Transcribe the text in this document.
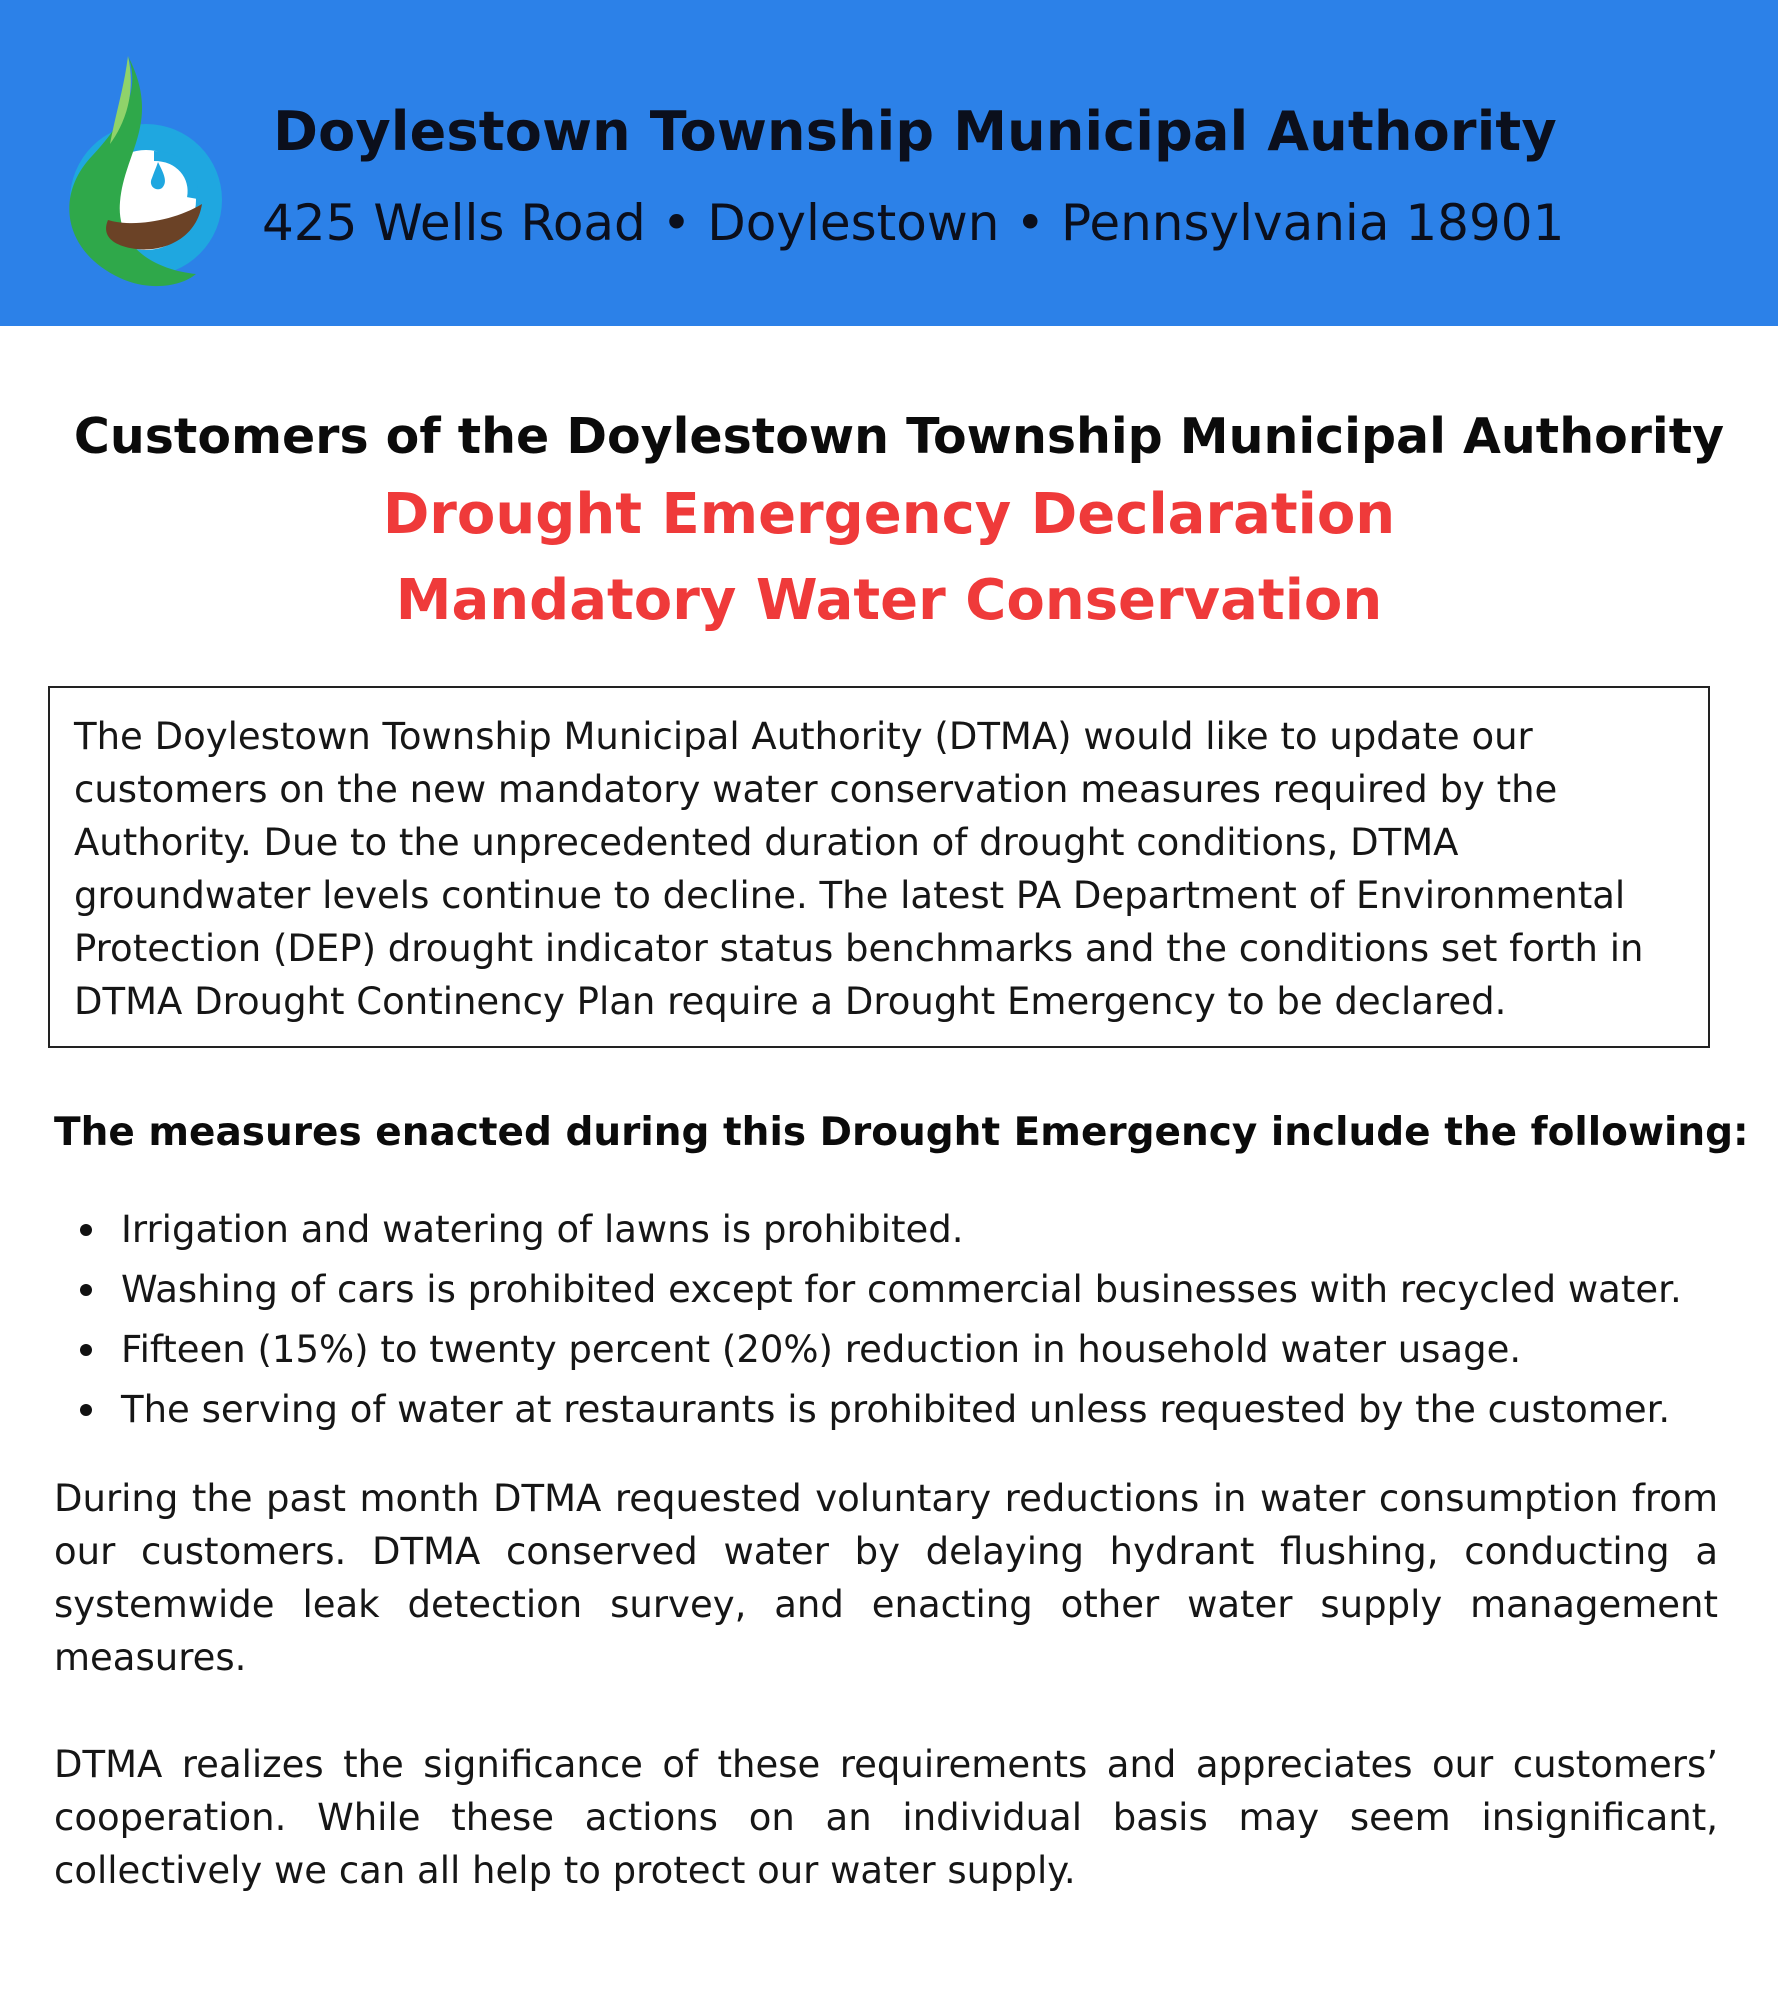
Doylestown Township Municipal Authority
425 Wells Road • Doylestown • Pennsylvania 18901
Customers of the Doylestown Township Municipal Authority
Drought Emergency Declaration
Mandatory Water Conservation
The Doylestown Township Municipal Authority (DTMA) would like to update our customers on the new mandatory water conservation measures required by the Authority. Due to the unprecedented duration of drought conditions, DTMA groundwater levels continue to decline. The latest PA Department of Environmental Protection (DEP) drought indicator status benchmarks and the conditions set forth in DTMA Drought Continency Plan require a Drought Emergency to be declared.
The measures enacted during this Drought Emergency include the following:
Irrigation and watering of lawns is prohibited.
Washing of cars is prohibited except for commercial businesses with recycled water.
Fifteen (15%) to twenty percent (20%) reduction in household water usage.
The serving of water at restaurants is prohibited unless requested by the customer.
During the past month DTMA requested voluntary reductions in water consumption from our customers. DTMA conserved water by delaying hydrant flushing, conducting a systemwide leak detection survey, and enacting other water supply management measures.
DTMA realizes the significance of these requirements and appreciates our customers’ cooperation. While these actions on an individual basis may seem insignificant, collectively we can all help to protect our water supply.
